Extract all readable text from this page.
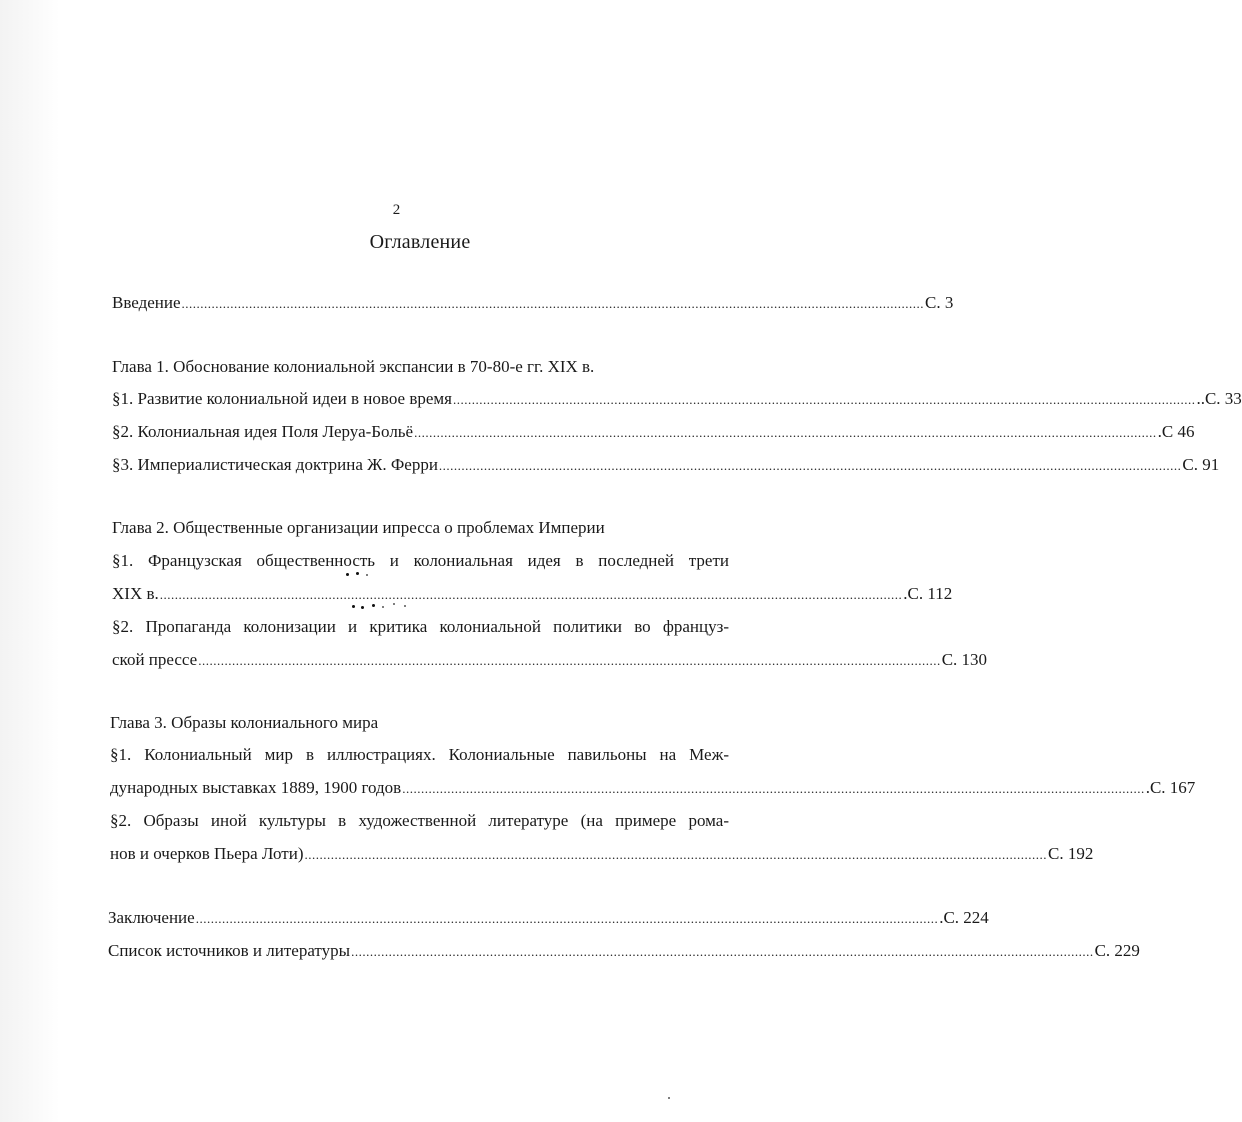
2
Оглавление
Введение ...................................................................................................................................................................................................... С. 3
Глава 1. Обоснование колониальной экспансии в 70-80-е гг. XIX в.
§1. Развитие колониальной идеи в новое время ...................................................................................................................................................................................................... ..С. 33
§2. Колониальная идея Поля Леруа-Больё ...................................................................................................................................................................................................... .С 46
§3. Империалистическая доктрина Ж. Ферри ...................................................................................................................................................................................................... С. 91
Глава 2. Общественные организации ипресса о проблемах Империи
§1. Французская общественность и колониальная идея в последней трети
XIX в. ...................................................................................................................................................................................................... .С. 112
§2. Пропаганда колонизации и критика колониальной политики во француз-
ской прессе ...................................................................................................................................................................................................... С. 130
Глава 3. Образы колониального мира
§1. Колониальный мир в иллюстрациях. Колониальные павильоны на Меж-
дународных выставках 1889, 1900 годов ...................................................................................................................................................................................................... .С. 167
§2. Образы иной культуры в художественной литературе (на примере рома-
нов и очерков Пьера Лоти) ...................................................................................................................................................................................................... С. 192
Заключение ...................................................................................................................................................................................................... .С. 224
Список источников и литературы ...................................................................................................................................................................................................... С. 229
